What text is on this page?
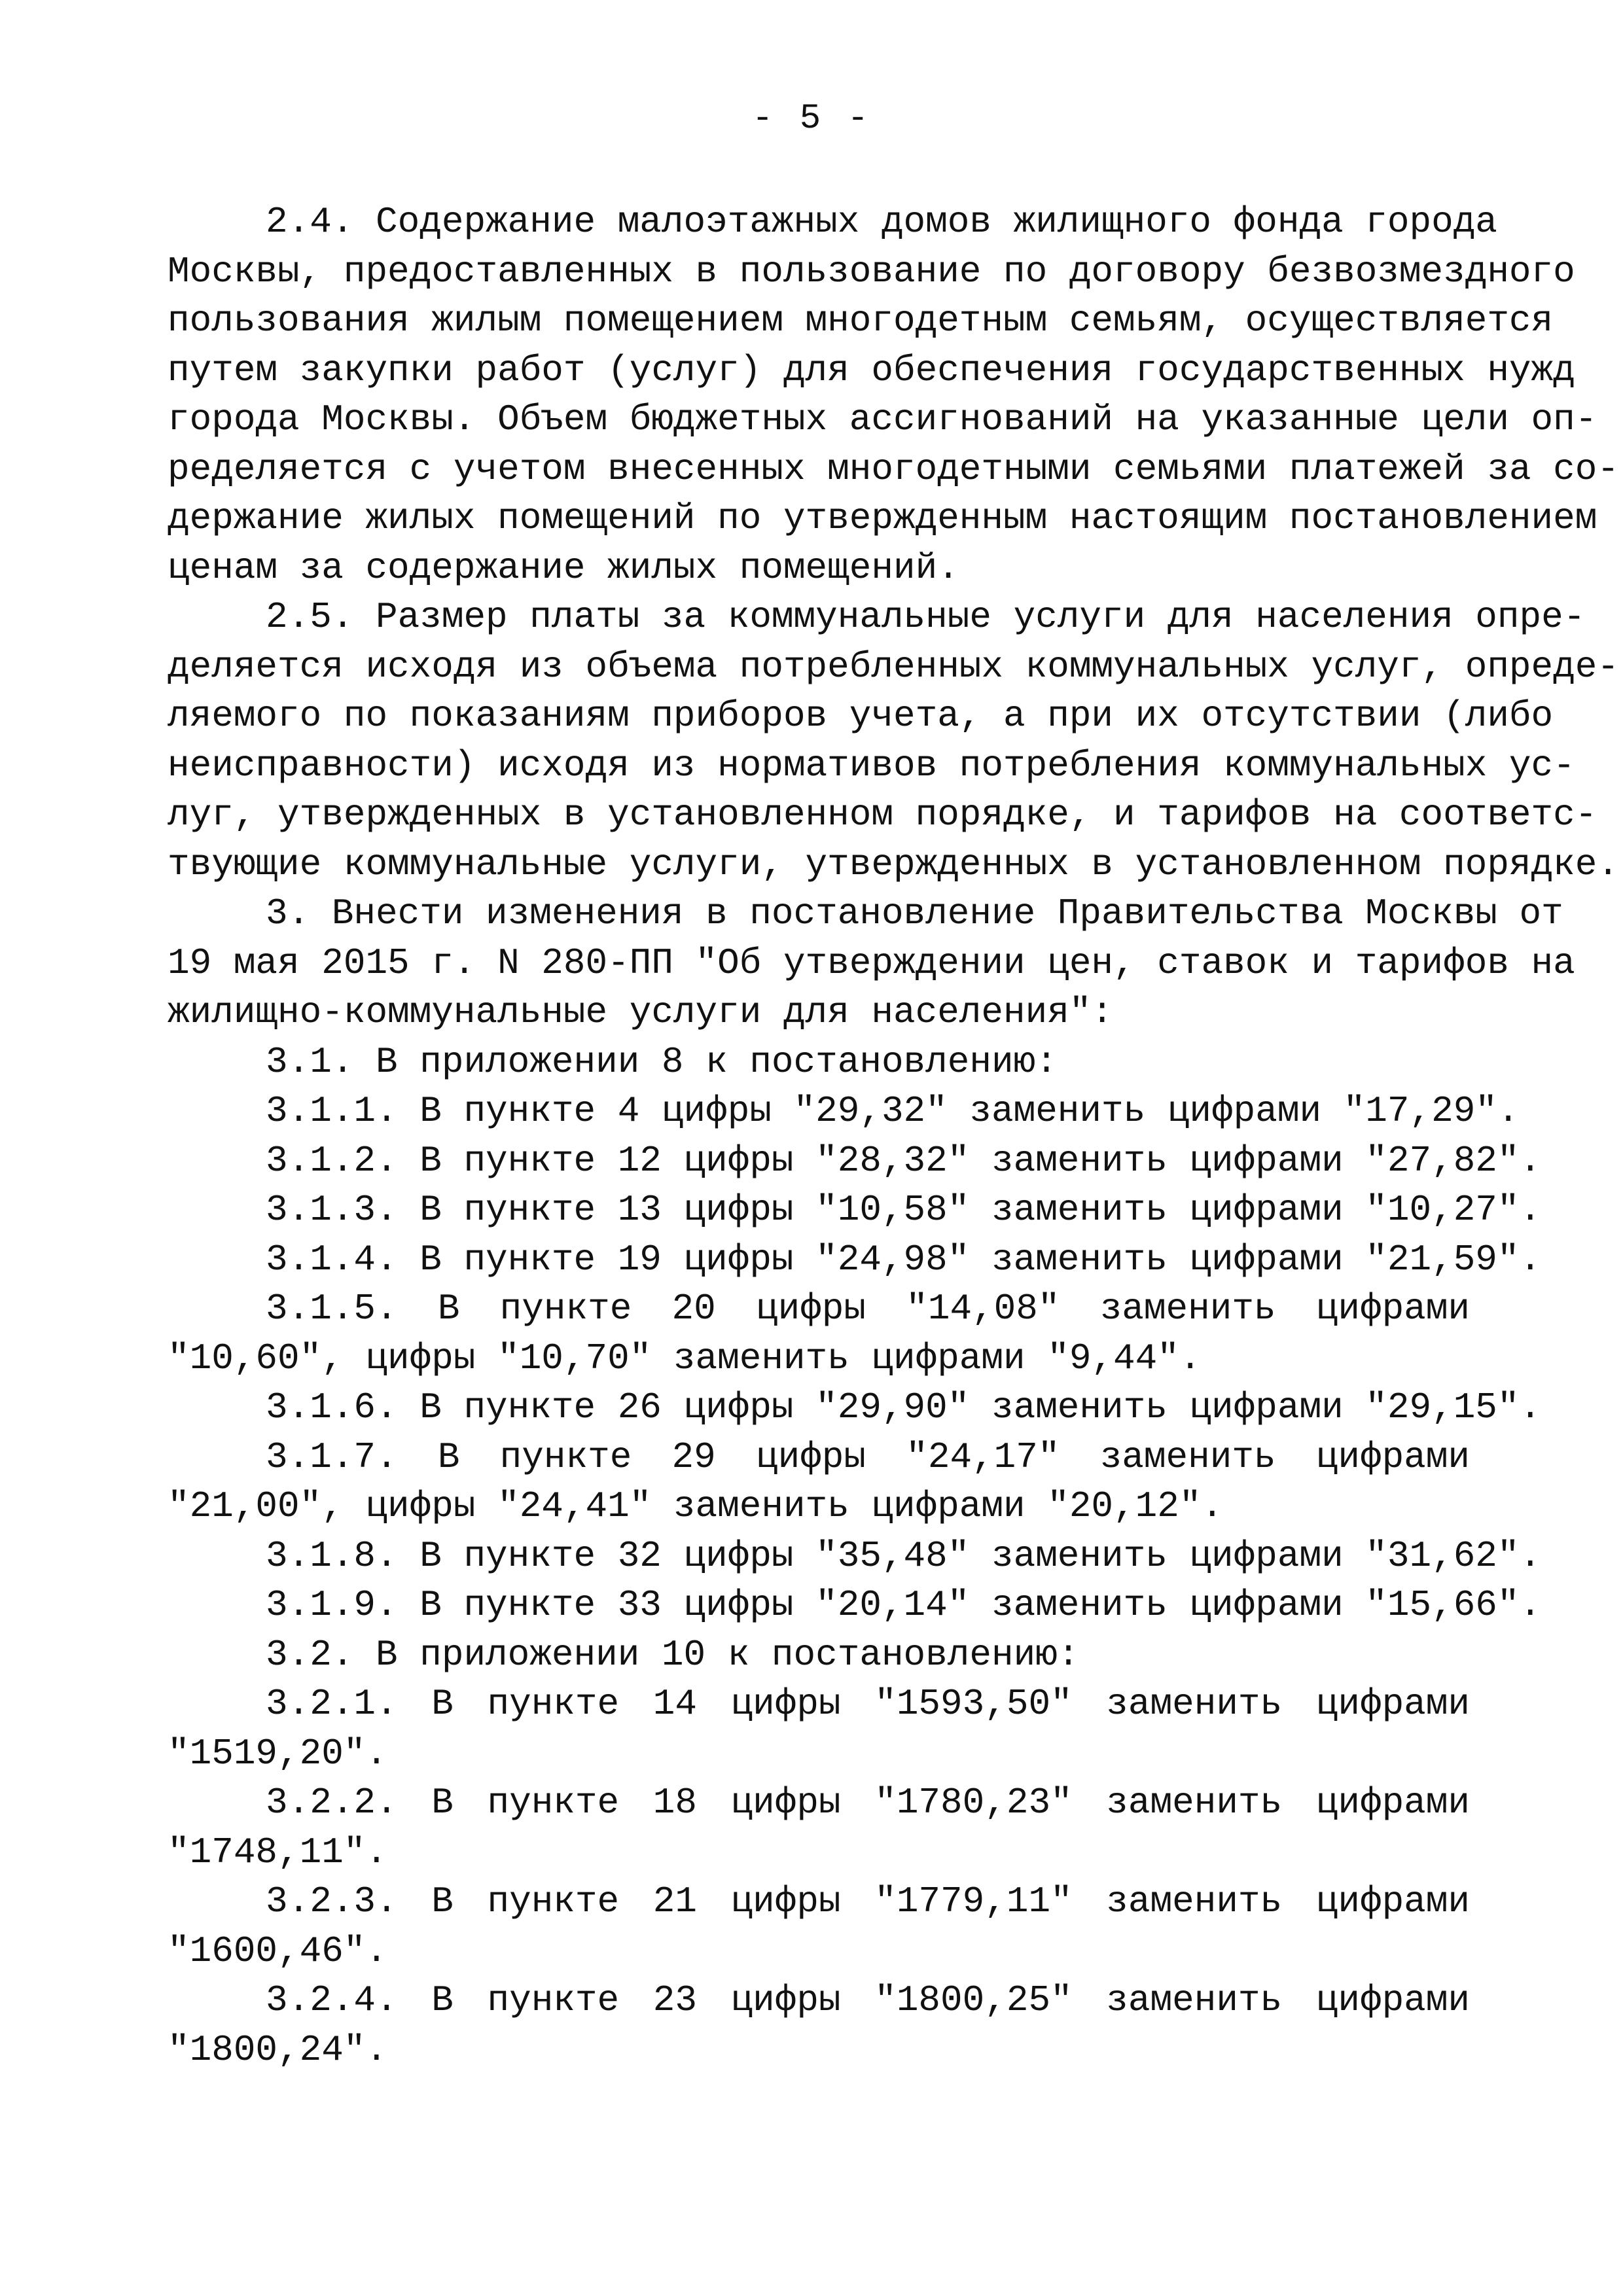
- 5 -

2.4. Содержание малоэтажных домов жилищного фонда города
Москвы, предоставленных в пользование по договору безвозмездного
пользования жилым помещением многодетным семьям, осуществляется
путем закупки работ (услуг) для обеспечения государственных нужд
города Москвы. Объем бюджетных ассигнований на указанные цели оп-
ределяется с учетом внесенных многодетными семьями платежей за со-
держание жилых помещений по утвержденным настоящим постановлением
ценам за содержание жилых помещений.

2.5. Размер платы за коммунальные услуги для населения опре-
деляется исходя из объема потребленных коммунальных услуг, опреде-
ляемого по показаниям приборов учета, а при их отсутствии (либо
неисправности) исходя из нормативов потребления коммунальных ус-
луг, утвержденных в установленном порядке, и тарифов на соответс-
твующие коммунальные услуги, утвержденных в установленном порядке.

3. Внести изменения в постановление Правительства Москвы от
19 мая 2015 г. N 280-ПП "Об утверждении цен, ставок и тарифов на
жилищно-коммунальные услуги для населения":

3.1. В приложении 8 к постановлению:

3.1.1. В пункте 4 цифры "29,32" заменить цифрами "17,29".

3.1.2. В пункте 12 цифры "28,32" заменить цифрами "27,82".

3.1.3. В пункте 13 цифры "10,58" заменить цифрами "10,27".

3.1.4. В пункте 19 цифры "24,98" заменить цифрами "21,59".

3.1.5. В пункте 20 цифры "14,08" заменить цифрами "10,60", цифры "10,70" заменить цифрами "9,44".

3.1.6. В пункте 26 цифры "29,90" заменить цифрами "29,15".

3.1.7. В пункте 29 цифры "24,17" заменить цифрами "21,00", цифры "24,41" заменить цифрами "20,12".

3.1.8. В пункте 32 цифры "35,48" заменить цифрами "31,62".

3.1.9. В пункте 33 цифры "20,14" заменить цифрами "15,66".

3.2. В приложении 10 к постановлению:

3.2.1. В пункте 14 цифры "1593,50" заменить цифрами "1519,20".

3.2.2. В пункте 18 цифры "1780,23" заменить цифрами "1748,11".

3.2.3. В пункте 21 цифры "1779,11" заменить цифрами "1600,46".

3.2.4. В пункте 23 цифры "1800,25" заменить цифрами "1800,24".
